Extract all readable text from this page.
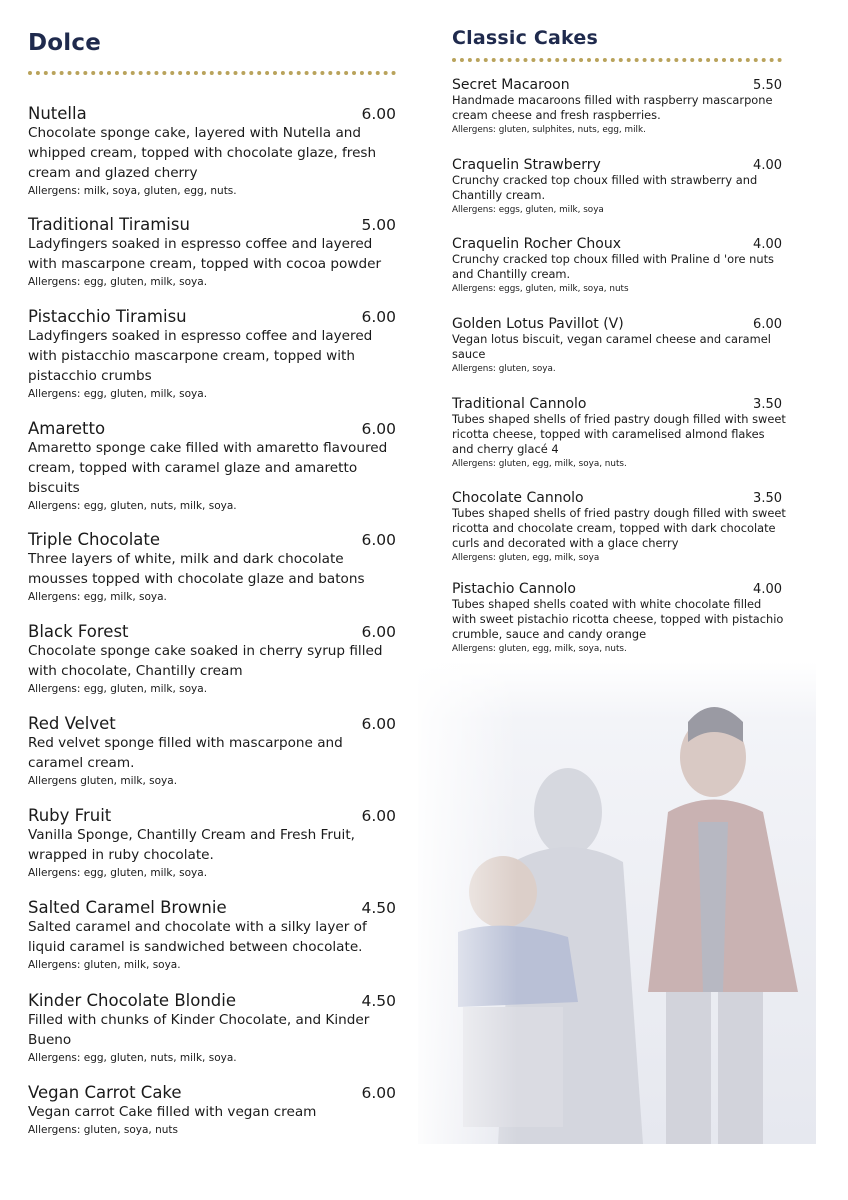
Dolce
Nutella	6.00
Chocolate sponge cake, layered with Nutella and whipped cream, topped with chocolate glaze, fresh cream and glazed cherry
Allergens: milk, soya, gluten, egg, nuts.
Traditional Tiramisu	5.00
Ladyfingers soaked in espresso coffee and layered with mascarpone cream, topped with cocoa powder
Allergens: egg, gluten, milk, soya.
Pistacchio Tiramisu	6.00
Ladyfingers soaked in espresso coffee and layered with pistacchio mascarpone cream, topped with pistacchio crumbs
Allergens: egg, gluten, milk, soya.
Amaretto	6.00
Amaretto sponge cake filled with amaretto flavoured cream, topped with caramel glaze and amaretto biscuits
Allergens: egg, gluten, nuts, milk, soya.
Triple Chocolate	6.00
Three layers of white, milk and dark chocolate mousses topped with chocolate glaze and batons
Allergens: egg, milk, soya.
Black Forest	6.00
Chocolate sponge cake soaked in cherry syrup filled with chocolate, Chantilly cream
Allergens: egg, gluten, milk, soya.
Red Velvet	6.00
Red velvet sponge filled with mascarpone and caramel cream.
Allergens gluten, milk, soya.
Ruby Fruit	6.00
Vanilla Sponge, Chantilly Cream and Fresh Fruit, wrapped in ruby chocolate.
Allergens: egg, gluten, milk, soya.
Salted Caramel Brownie	4.50
Salted caramel and chocolate with a silky layer of liquid caramel is sandwiched between chocolate.
Allergens: gluten, milk, soya.
Kinder Chocolate Blondie	4.50
Filled with chunks of Kinder Chocolate, and Kinder Bueno
Allergens: egg, gluten, nuts, milk, soya.
Vegan Carrot Cake	6.00
Vegan carrot Cake filled with vegan cream
Allergens: gluten, soya, nuts
Classic Cakes
Secret Macaroon	5.50
Handmade macaroons filled with raspberry mascarpone cream cheese and fresh raspberries.
Allergens: gluten, sulphites, nuts, egg, milk.
Craquelin Strawberry	4.00
Crunchy cracked top choux filled with strawberry and Chantilly cream.
Allergens: eggs, gluten, milk, soya
Craquelin Rocher Choux	4.00
Crunchy cracked top choux filled with Praline d 'ore nuts and Chantilly cream.
Allergens: eggs, gluten, milk, soya, nuts
Golden Lotus Pavillot (V)	6.00
Vegan lotus biscuit, vegan caramel cheese and caramel sauce
Allergens: gluten, soya.
Traditional Cannolo	3.50
Tubes shaped shells of fried pastry dough filled with sweet ricotta cheese, topped with caramelised almond flakes and cherry glacé 4
Allergens: gluten, egg, milk, soya, nuts.
Chocolate Cannolo	3.50
Tubes shaped shells of fried pastry dough filled with sweet ricotta and chocolate cream, topped with dark chocolate curls and decorated with a glace cherry
Allergens: gluten, egg, milk, soya
Pistachio Cannolo	4.00
Tubes shaped shells coated with white chocolate filled with sweet pistachio ricotta cheese, topped with pistachio crumble, sauce and candy orange
Allergens: gluten, egg, milk, soya, nuts.
